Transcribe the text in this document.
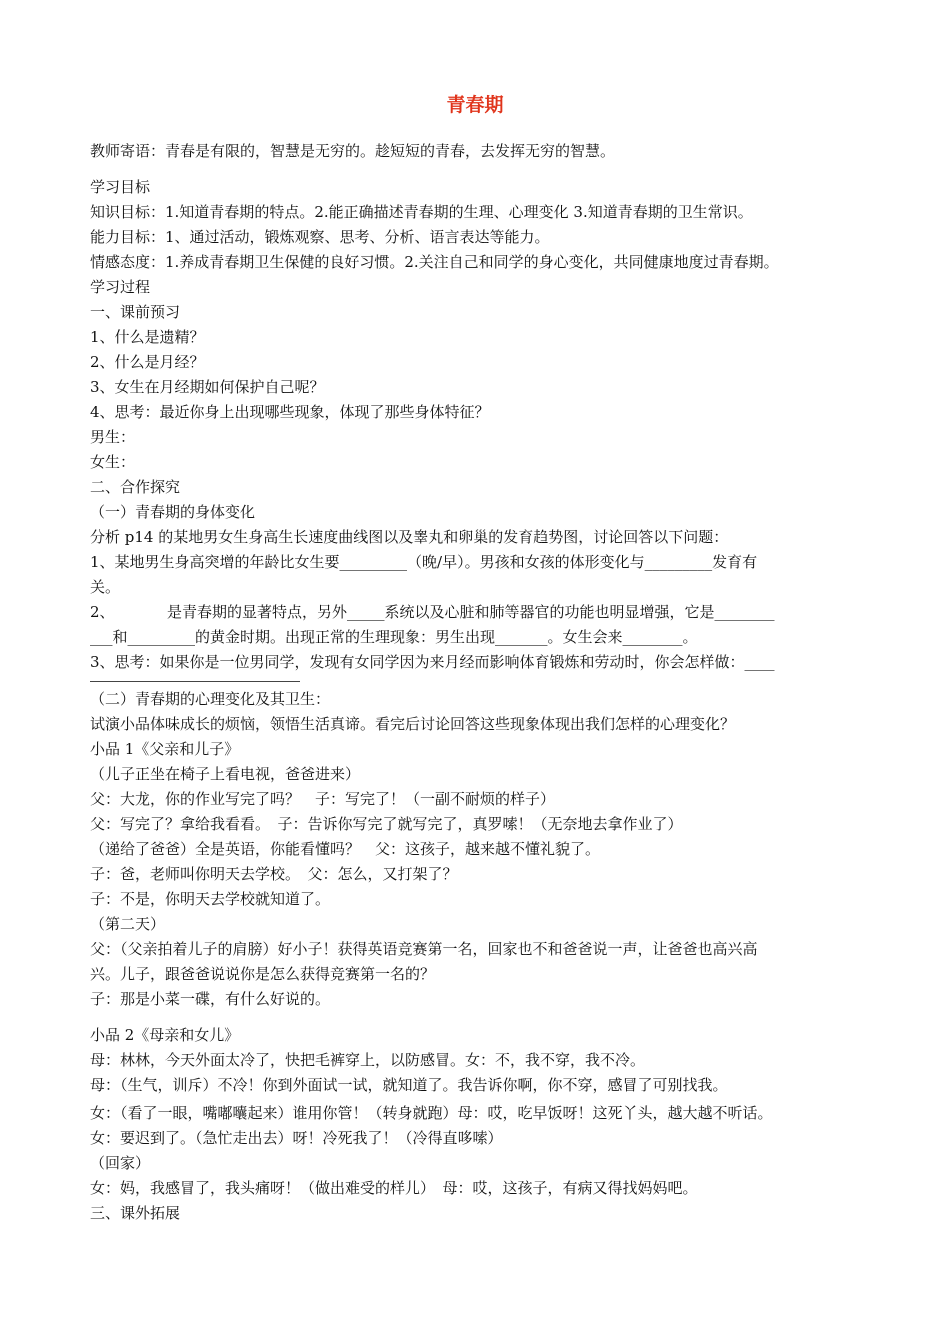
青春期
教师寄语：青春是有限的，智慧是无穷的。趁短短的青春，去发挥无穷的智慧。
学习目标
知识目标：1.知道青春期的特点。2.能正确描述青春期的生理、心理变化 3.知道青春期的卫生常识。
能力目标：1、通过活动，锻炼观察、思考、分析、语言表达等能力。
情感态度：1.养成青春期卫生保健的良好习惯。2.关注自己和同学的身心变化，共同健康地度过青春期。
学习过程
一、课前预习
1、什么是遗精？
2、什么是月经？
3、女生在月经期如何保护自己呢？
4、思考：最近你身上出现哪些现象，体现了那些身体特征？
男生：
女生：
二、合作探究
（一）青春期的身体变化
分析 p14 的某地男女生身高生长速度曲线图以及睾丸和卵巢的发育趋势图，讨论回答以下问题：
1、某地男生身高突增的年龄比女生要_________（晚/早）。男孩和女孩的体形变化与_________发育有
关。
2、　　　　是青春期的显著特点，另外_____系统以及心脏和肺等器官的功能也明显增强，它是________
___和_________的黄金时期。出现正常的生理现象：男生出现_______。女生会来________。
3、思考：如果你是一位男同学，发现有女同学因为来月经而影响体育锻炼和劳动时，你会怎样做：____
（二）青春期的心理变化及其卫生：
试演小品体味成长的烦恼，领悟生活真谛。看完后讨论回答这些现象体现出我们怎样的心理变化？
小品 1《父亲和儿子》
（儿子正坐在椅子上看电视，爸爸进来）
父：大龙，你的作业写完了吗？　子：写完了！（一副不耐烦的样子）
父：写完了？拿给我看看。　子：告诉你写完了就写完了，真罗嗦！（无奈地去拿作业了）
（递给了爸爸）全是英语，你能看懂吗？　父：这孩子，越来越不懂礼貌了。
子：爸，老师叫你明天去学校。　父：怎么，又打架了？
子：不是，你明天去学校就知道了。
（第二天）
父：（父亲拍着儿子的肩膀）好小子！获得英语竞赛第一名，回家也不和爸爸说一声，让爸爸也高兴高
兴。儿子，跟爸爸说说你是怎么获得竞赛第一名的？
子：那是小菜一碟，有什么好说的。
小品 2《母亲和女儿》
母：林林，今天外面太冷了，快把毛裤穿上，以防感冒。女：不，我不穿，我不冷。
母：（生气，训斥）不冷！你到外面试一试，就知道了。我告诉你啊，你不穿，感冒了可别找我。
女：（看了一眼，嘴嘟囔起来）谁用你管！（转身就跑）母：哎，吃早饭呀！这死丫头，越大越不听话。
女：要迟到了。（急忙走出去）呀！冷死我了！（冷得直哆嗦）
（回家）
女：妈，我感冒了，我头痛呀！（做出难受的样儿）　母：哎，这孩子，有病又得找妈妈吧。
三、课外拓展
